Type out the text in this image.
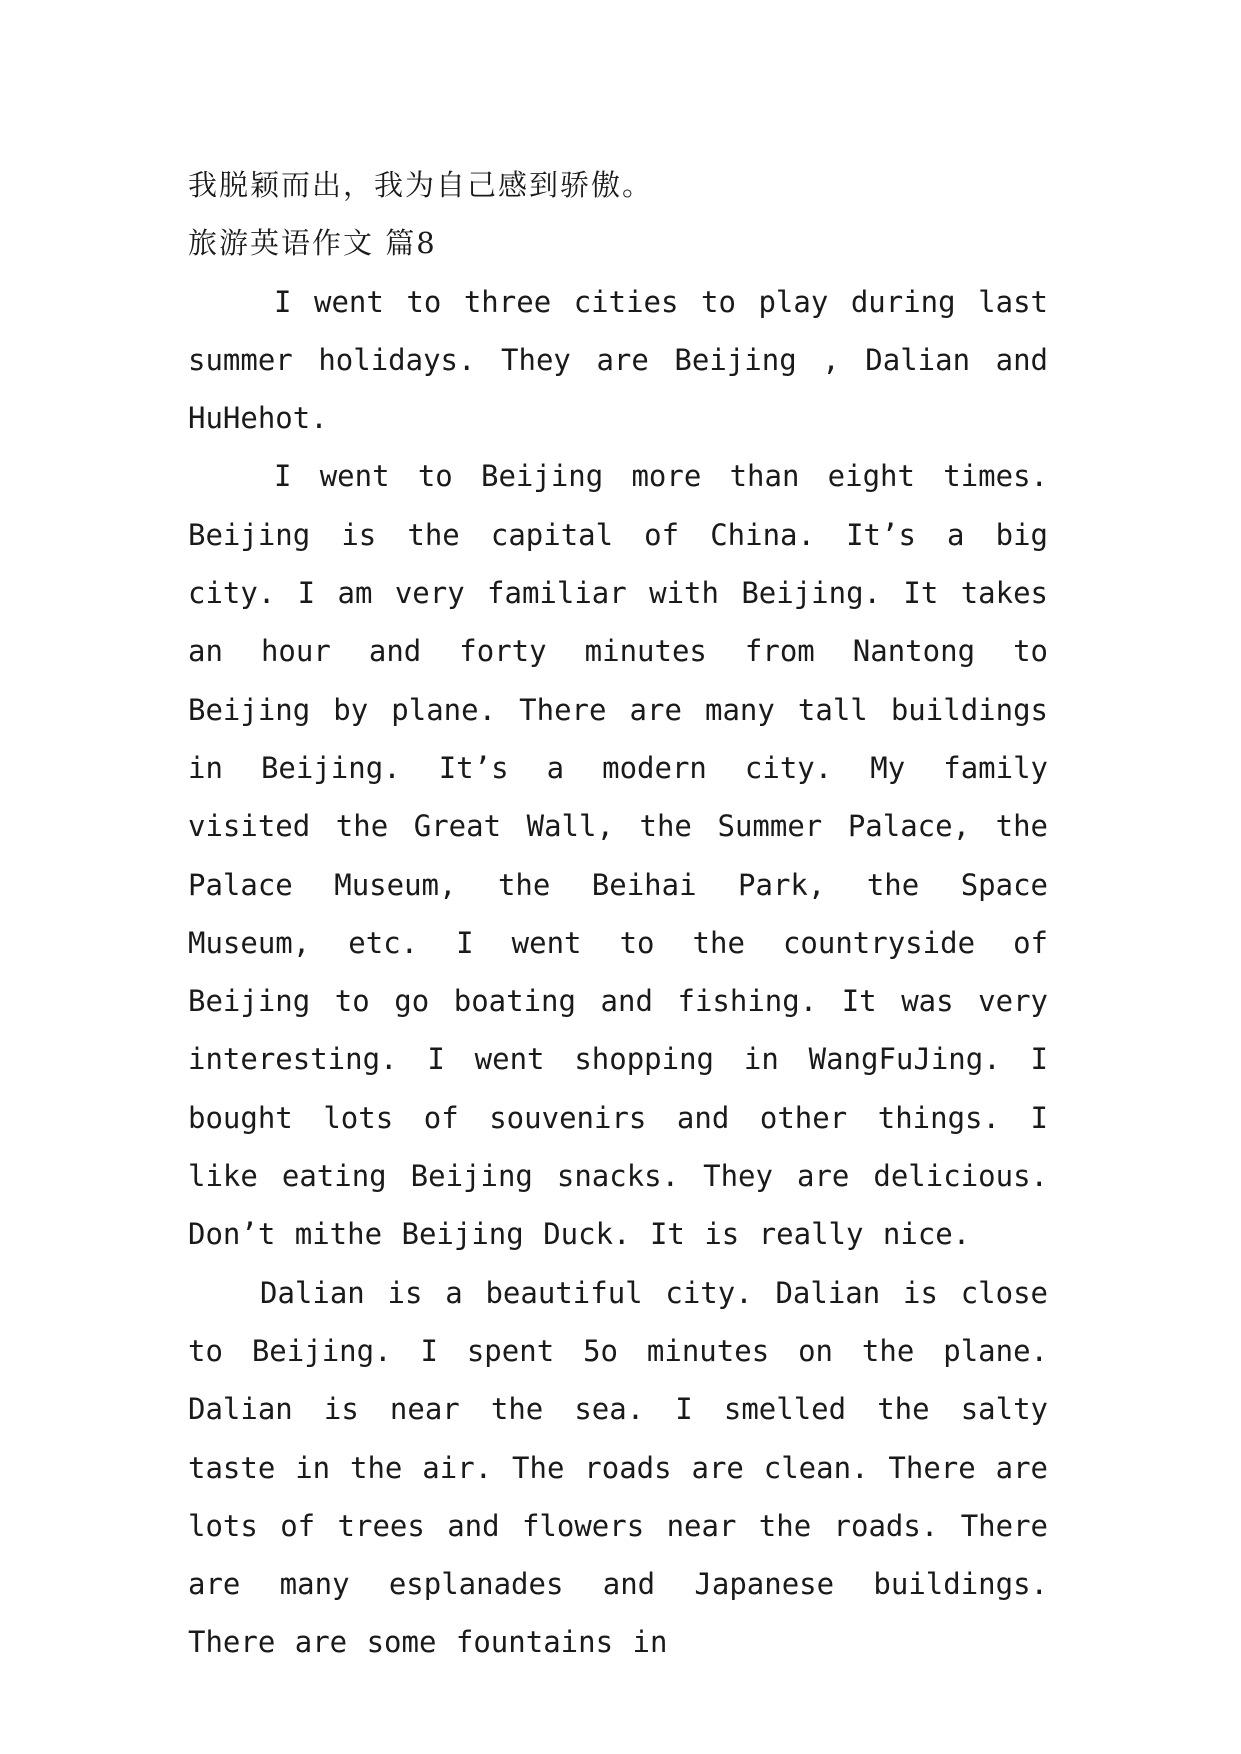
我脱颖而出，我为自己感到骄傲。

旅游英语作文 篇8

I went to three cities to play during last summer holidays. They are Beijing , Dalian and HuHehot.

I went to Beijing more than eight times. Beijing is the capital of China. It’s a big city. I am very familiar with Beijing. It takes an hour and forty minutes from Nantong to Beijing by plane. There are many tall buildings in Beijing. It’s a modern city. My family visited the Great Wall, the Summer Palace, the Palace Museum, the Beihai Park, the Space Museum, etc. I went to the countryside of Beijing to go boating and fishing. It was very interesting. I went shopping in WangFuJing. I bought lots of souvenirs and other things. I like eating Beijing snacks. They are delicious. Don’t mithe Beijing Duck. It is really nice.

Dalian is a beautiful city. Dalian is close to Beijing. I spent 5o minutes on the plane. Dalian is near the sea. I smelled the salty taste in the air. The roads are clean. There are lots of trees and flowers near the roads. There are many esplanades and Japanese buildings. There are some fountains in
